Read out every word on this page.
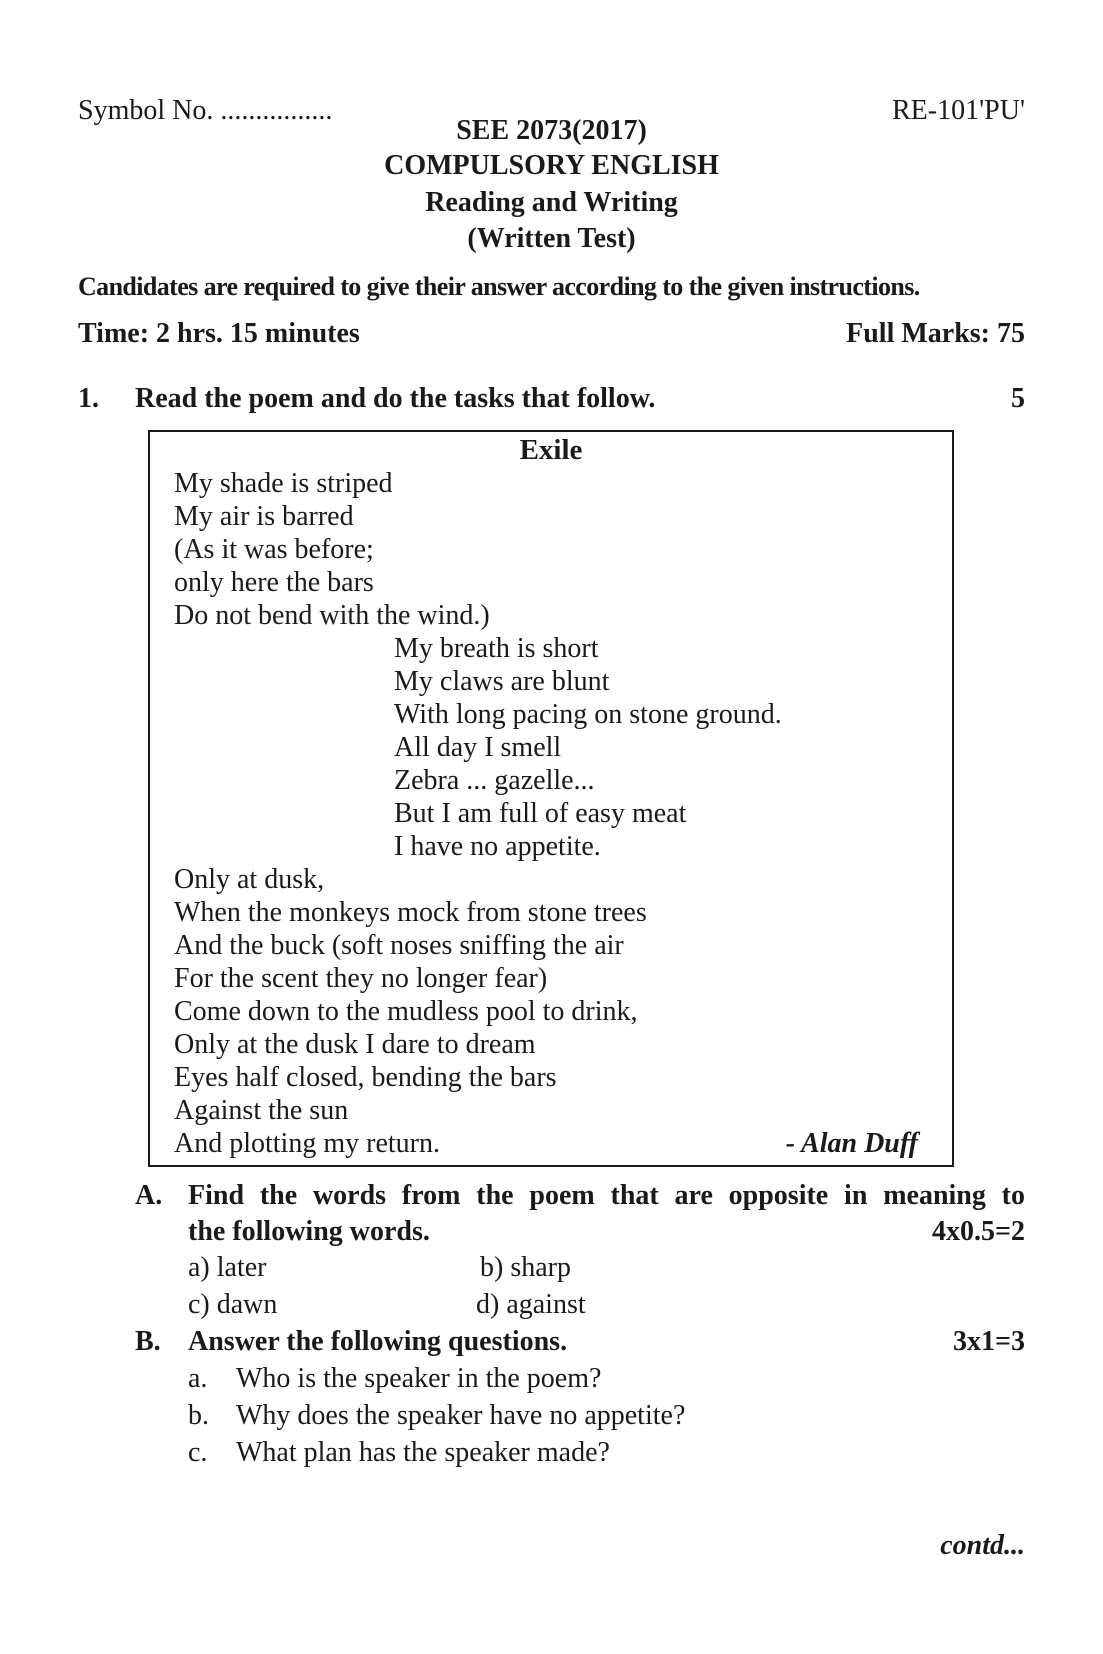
Symbol No. ................	RE-101'PU'
SEE 2073(2017)
COMPULSORY ENGLISH
Reading and Writing
(Written Test)
Candidates are required to give their answer according to the given instructions.
Time: 2 hrs. 15 minutes	Full Marks: 75
1. Read the poem and do the tasks that follow.	5
Exile
My shade is striped
My air is barred
(As it was before;
only here the bars
Do not bend with the wind.)
My breath is short
My claws are blunt
With long pacing on stone ground.
All day I smell
Zebra ... gazelle...
But I am full of easy meat
I have no appetite.
Only at dusk,
When the monkeys mock from stone trees
And the buck (soft noses sniffing the air
For the scent they no longer fear)
Come down to the mudless pool to drink,
Only at the dusk I dare to dream
Eyes half closed, bending the bars
Against the sun
And plotting my return.	- Alan Duff
A. Find the words from the poem that are opposite in meaning to
the following words.	4x0.5=2
a) later	b) sharp
c) dawn	d) against
B. Answer the following questions.	3x1=3
a. Who is the speaker in the poem?
b. Why does the speaker have no appetite?
c. What plan has the speaker made?
contd...
